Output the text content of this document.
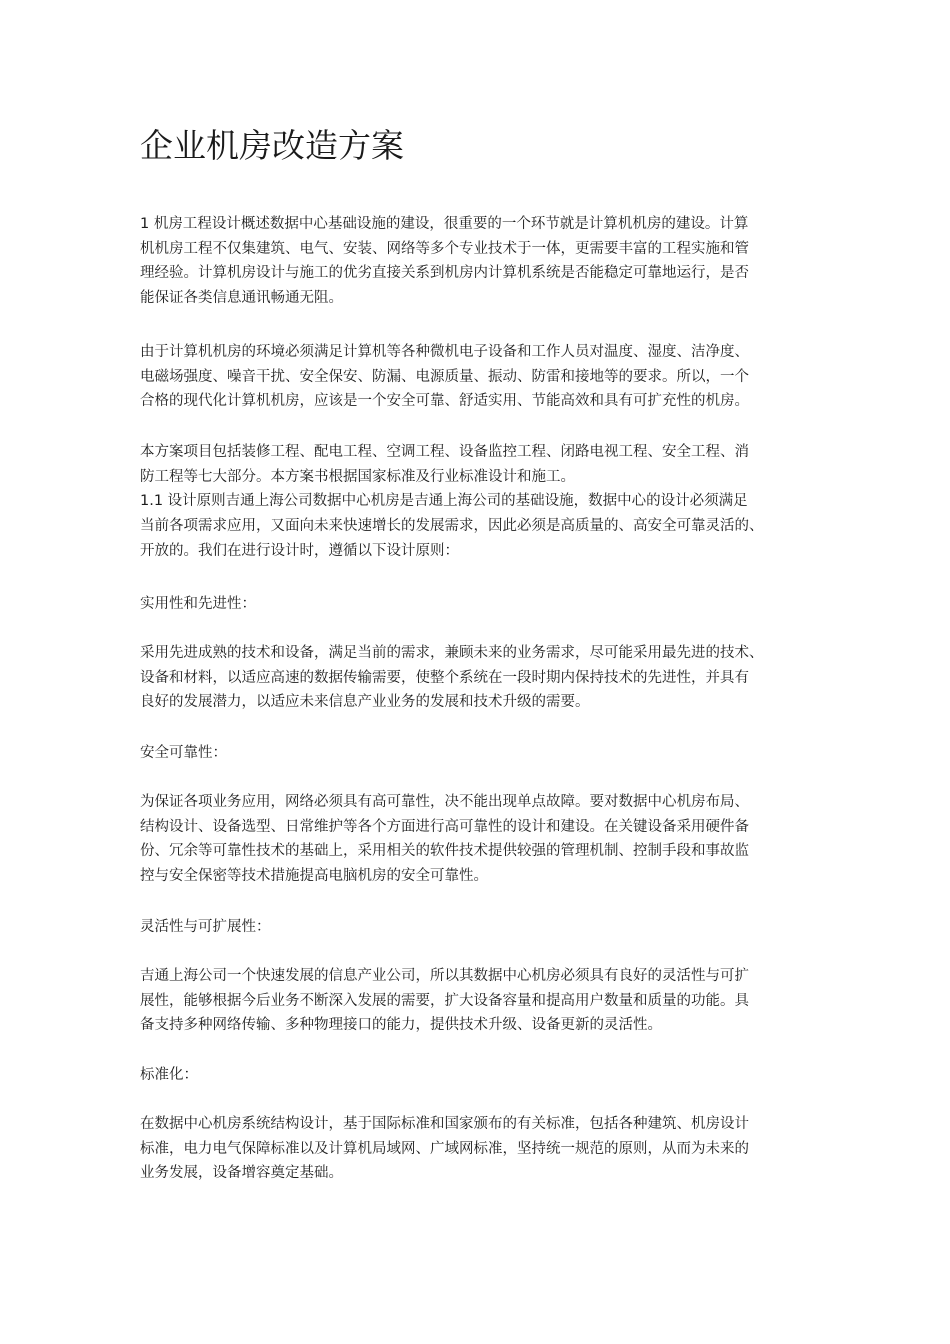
企业机房改造方案
1 机房工程设计概述数据中心基础设施的建设，很重要的一个环节就是计算机机房的建设。计算
机机房工程不仅集建筑、电气、安装、网络等多个专业技术于一体，更需要丰富的工程实施和管
理经验。计算机房设计与施工的优劣直接关系到机房内计算机系统是否能稳定可靠地运行，是否
能保证各类信息通讯畅通无阻。
由于计算机机房的环境必须满足计算机等各种微机电子设备和工作人员对温度、湿度、洁净度、
电磁场强度、噪音干扰、安全保安、防漏、电源质量、振动、防雷和接地等的要求。所以，一个
合格的现代化计算机机房，应该是一个安全可靠、舒适实用、节能高效和具有可扩充性的机房。
本方案项目包括装修工程、配电工程、空调工程、设备监控工程、闭路电视工程、安全工程、消
防工程等七大部分。本方案书根据国家标准及行业标准设计和施工。
1.1 设计原则吉通上海公司数据中心机房是吉通上海公司的基础设施，数据中心的设计必须满足
当前各项需求应用，又面向未来快速增长的发展需求，因此必须是高质量的、高安全可靠灵活的、
开放的。我们在进行设计时，遵循以下设计原则：
实用性和先进性：
采用先进成熟的技术和设备，满足当前的需求，兼顾未来的业务需求，尽可能采用最先进的技术、
设备和材料，以适应高速的数据传输需要，使整个系统在一段时期内保持技术的先进性，并具有
良好的发展潜力，以适应未来信息产业业务的发展和技术升级的需要。
安全可靠性：
为保证各项业务应用，网络必须具有高可靠性，决不能出现单点故障。要对数据中心机房布局、
结构设计、设备选型、日常维护等各个方面进行高可靠性的设计和建设。在关键设备采用硬件备
份、冗余等可靠性技术的基础上，采用相关的软件技术提供较强的管理机制、控制手段和事故监
控与安全保密等技术措施提高电脑机房的安全可靠性。
灵活性与可扩展性：
吉通上海公司一个快速发展的信息产业公司，所以其数据中心机房必须具有良好的灵活性与可扩
展性，能够根据今后业务不断深入发展的需要，扩大设备容量和提高用户数量和质量的功能。具
备支持多种网络传输、多种物理接口的能力，提供技术升级、设备更新的灵活性。
标准化：
在数据中心机房系统结构设计，基于国际标准和国家颁布的有关标准，包括各种建筑、机房设计
标准，电力电气保障标准以及计算机局域网、广域网标准，坚持统一规范的原则，从而为未来的
业务发展，设备增容奠定基础。
